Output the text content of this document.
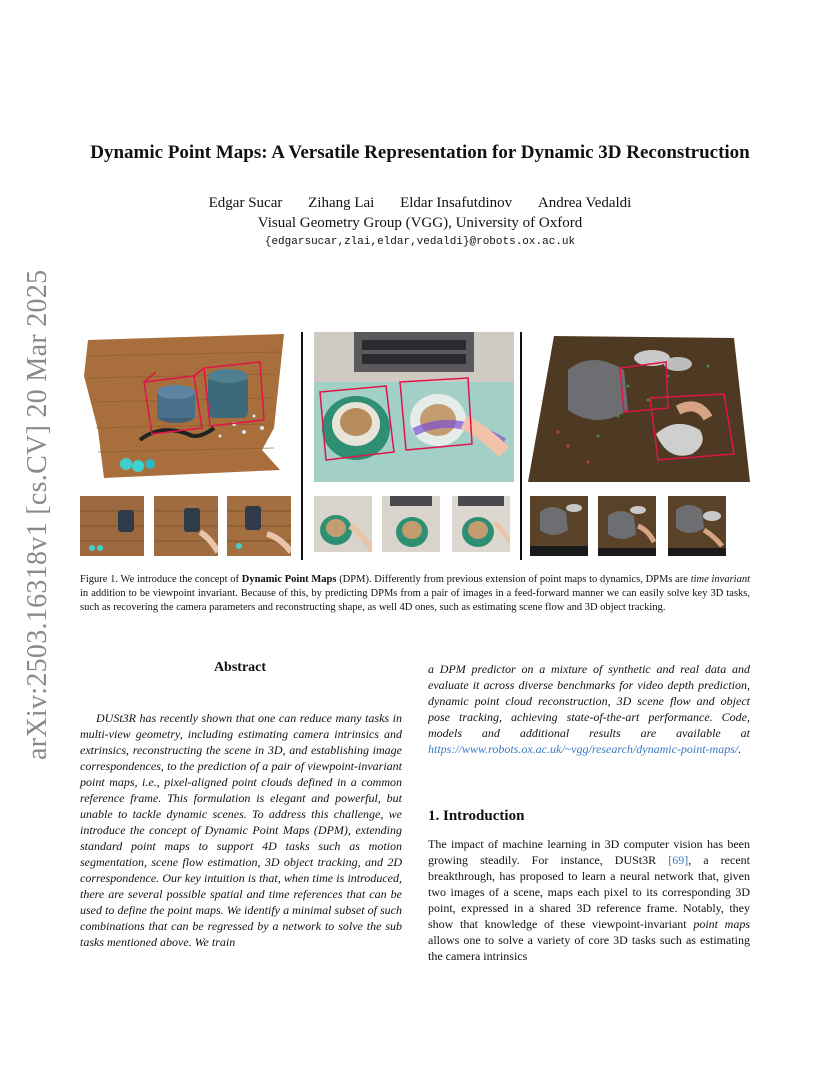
arXiv:2503.16318v1 [cs.CV] 20 Mar 2025
Dynamic Point Maps: A Versatile Representation for Dynamic 3D Reconstruction
Edgar Sucar Zihang Lai Eldar Insafutdinov Andrea Vedaldi
Visual Geometry Group (VGG), University of Oxford
{edgarsucar,zlai,eldar,vedaldi}@robots.ox.ac.uk
Figure 1. We introduce the concept of Dynamic Point Maps (DPM). Differently from previous extension of point maps to dynamics, DPMs are time invariant in addition to be viewpoint invariant. Because of this, by predicting DPMs from a pair of images in a feed-forward manner we can easily solve key 3D tasks, such as recovering the camera parameters and reconstructing shape, as well 4D ones, such as estimating scene flow and 3D object tracking.
Abstract
DUSt3R has recently shown that one can reduce many tasks in multi-view geometry, including estimating camera intrinsics and extrinsics, reconstructing the scene in 3D, and establishing image correspondences, to the prediction of a pair of viewpoint-invariant point maps, i.e., pixel-aligned point clouds defined in a common reference frame. This formulation is elegant and powerful, but unable to tackle dynamic scenes. To address this challenge, we introduce the concept of Dynamic Point Maps (DPM), extending standard point maps to support 4D tasks such as motion segmentation, scene flow estimation, 3D object tracking, and 2D correspondence. Our key intuition is that, when time is introduced, there are several possible spatial and time references that can be used to define the point maps. We identify a minimal subset of such combinations that can be regressed by a network to solve the sub tasks mentioned above. We train
a DPM predictor on a mixture of synthetic and real data and evaluate it across diverse benchmarks for video depth prediction, dynamic point cloud reconstruction, 3D scene flow and object pose tracking, achieving state-of-the-art performance. Code, models and additional results are available at https://www.robots.ox.ac.uk/~vgg/research/dynamic-point-maps/.
1. Introduction
The impact of machine learning in 3D computer vision has been growing steadily. For instance, DUSt3R [69], a recent breakthrough, has proposed to learn a neural network that, given two images of a scene, maps each pixel to its corresponding 3D point, expressed in a shared 3D reference frame. Notably, they show that knowledge of these viewpoint-invariant point maps allows one to solve a variety of core 3D tasks such as estimating the camera intrinsics
